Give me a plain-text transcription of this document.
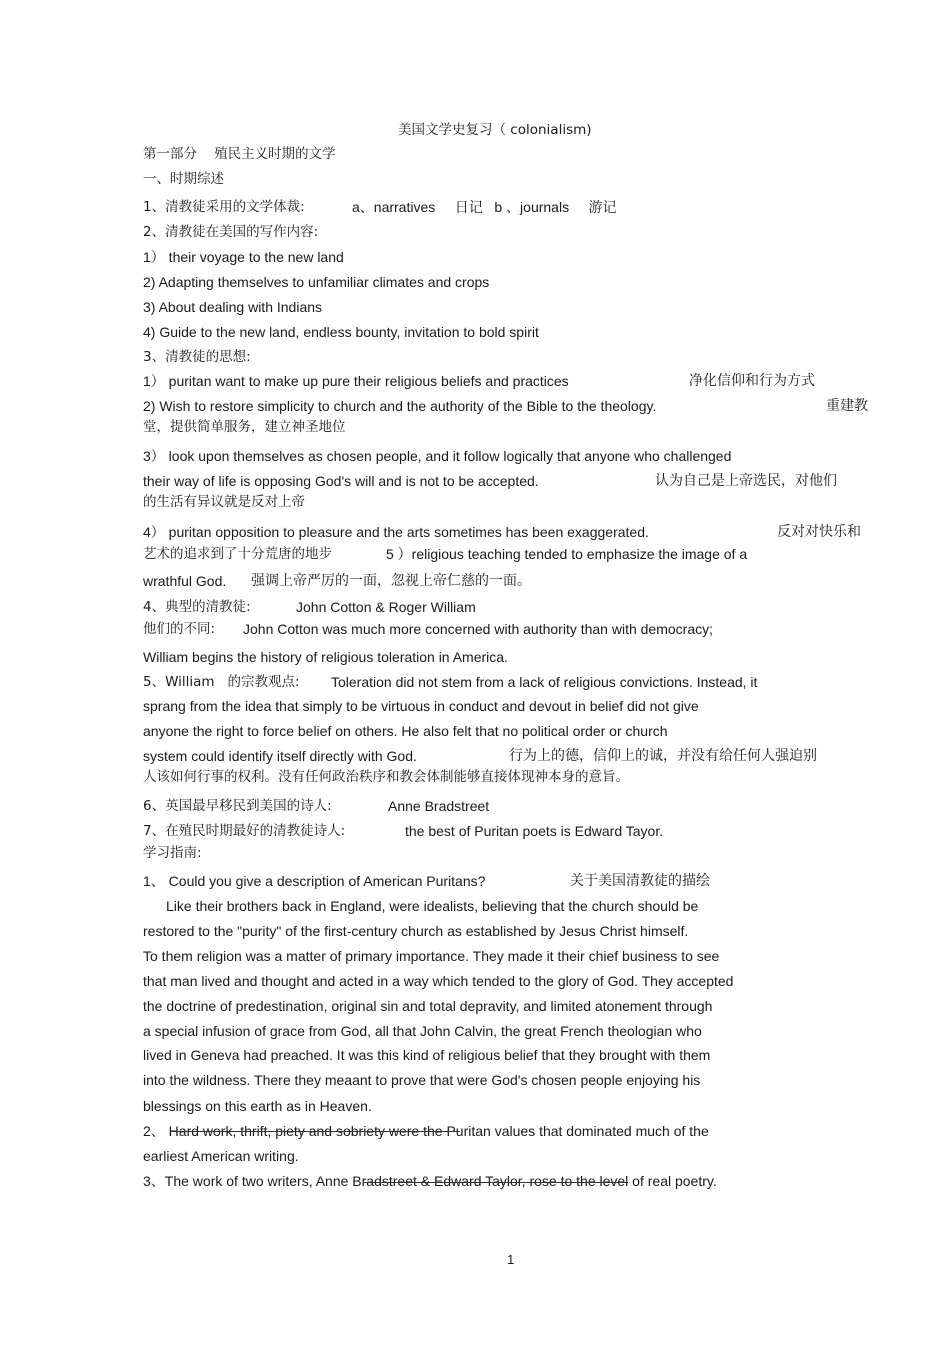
美国文学史复习（ colonialism)
第一部分    殖民主义时期的文学
一、时期综述
1、清教徒采用的文学体裁:	a、narratives     日记   b 、journals     游记
2、清教徒在美国的写作内容:
1） their voyage to the new land
2) Adapting themselves to unfamiliar climates and crops
3) About dealing with Indians
4) Guide to the new land, endless bounty, invitation to bold spirit
3、清教徒的思想:
1） puritan want to make up pure their religious beliefs and practices	净化信仰和行为方式
2) Wish to restore simplicity to church and the authority of the Bible to the theology.	重建教
堂，提供简单服务，建立神圣地位
3） look upon themselves as chosen people, and it follow logically that anyone who challenged
their way of life is opposing God's will and is not to be accepted.	认为自己是上帝选民，对他们
的生活有异议就是反对上帝
4） puritan opposition to pleasure and the arts sometimes has been exaggerated.	反对对快乐和
艺术的追求到了十分荒唐的地步	5 ）religious teaching tended to emphasize the image of a
wrathful God. 强调上帝严厉的一面，忽视上帝仁慈的一面。
4、典型的清教徒:	John Cotton & Roger William
他们的不同: John Cotton was much more concerned with authority than with democracy;
William begins the history of religious toleration in America.
5、William   的宗教观点: Toleration did not stem from a lack of religious convictions. Instead, it
sprang from the idea that simply to be virtuous in conduct and devout in belief did not give
anyone the right to force belief on others. He also felt that no political order or church
system could identify itself directly with God.	行为上的德，信仰上的诚，并没有给任何人强迫别
人该如何行事的权利。没有任何政治秩序和教会体制能够直接体现神本身的意旨。
6、英国最早移民到美国的诗人:	Anne Bradstreet
7、在殖民时期最好的清教徒诗人:	the best of Puritan poets is Edward Tayor.
学习指南:
1、 Could you give a description of American Puritans?	关于美国清教徒的描绘
Like their brothers back in England, were idealists, believing that the church should be
restored to the "purity" of the first-century church as established by Jesus Christ himself.
To them religion was a matter of primary importance. They made it their chief business to see
that man lived and thought and acted in a way which tended to the glory of God. They accepted
the doctrine of predestination, original sin and total depravity, and limited atonement through
a special infusion of grace from God, all that John Calvin, the great French theologian who
lived in Geneva had preached. It was this kind of religious belief that they brought with them
into the wildness. There they meaant to prove that were God's chosen people enjoying his
blessings on this earth as in Heaven.
2、 Hard work, thrift, piety and sobriety were the Puritan values that dominated much of the
earliest American writing.
3、The work of two writers, Anne Bradstreet & Edward Taylor, rose to the level of real poetry.
1
